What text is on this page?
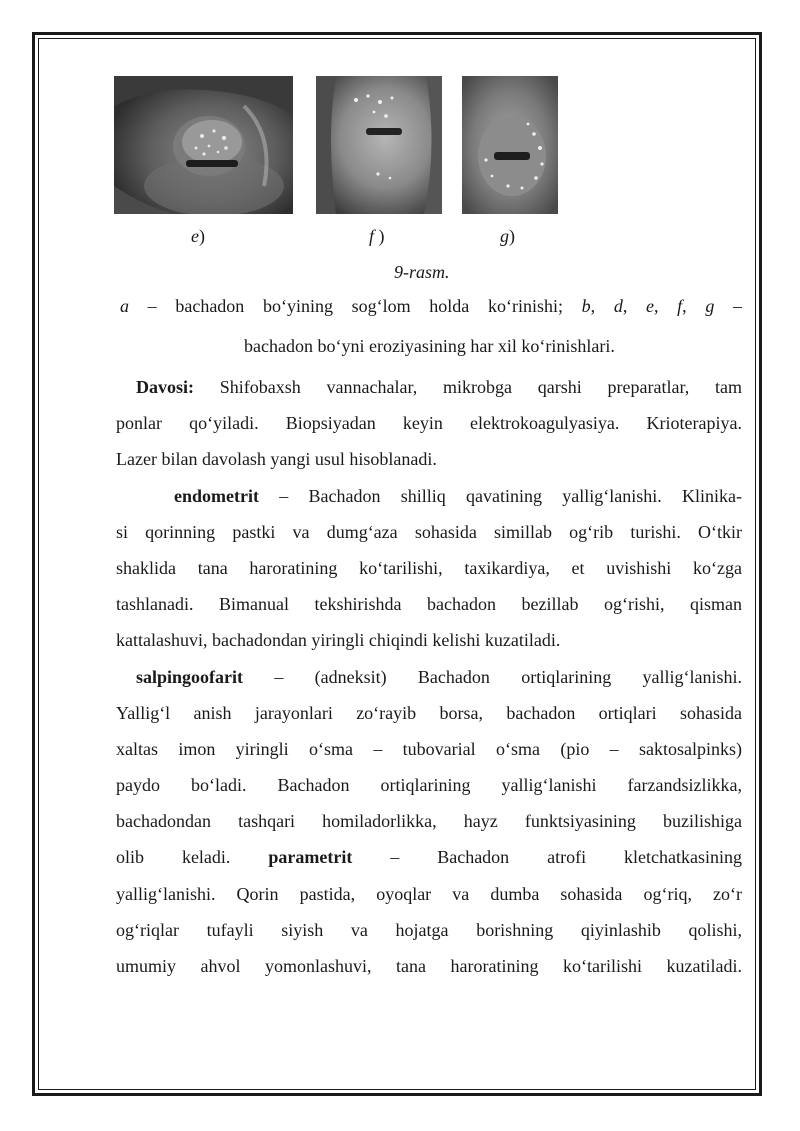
e)	f )	g)
9-rasm.
a – bachadon bo‘yining sog‘lom holda ko‘rinishi; b, d, e, f, g –
bachadon bo‘yni eroziyasining har xil ko‘rinishlari.
Davosi: Shifobaxsh vannachalar, mikrobga qarshi preparatlar, tam
ponlar qo‘yiladi. Biopsiyadan keyin elektrokoagulyasiya. Krioterapiya.
Lazer bilan davolash yangi usul hisoblanadi.
endometrit – Bachadon shilliq qavatining yallig‘lanishi. Klinika-
si qorinning pastki va dumg‘aza sohasida simillab og‘rib turishi. O‘tkir
shaklida tana haroratining ko‘tarilishi, taxikardiya, et uvishishi ko‘zga
tashlanadi. Bimanual tekshirishda bachadon bezillab og‘rishi, qisman
kattalashuvi, bachadondan yiringli chiqindi kelishi kuzatiladi.
salpingoofarit – (adneksit) Bachadon ortiqlarining yallig‘lanishi.
Yallig‘l anish jarayonlari zo‘rayib borsa, bachadon ortiqlari sohasida
xaltas imon yiringli o‘sma – tubovarial o‘sma (pio – saktosalpinks)
paydo bo‘ladi. Bachadon ortiqlarining yallig‘lanishi farzandsizlikka,
bachadondan tashqari homiladorlikka, hayz funktsiyasining buzilishiga
olib keladi. parametrit – Bachadon atrofi kletchatkasining
yallig‘lanishi. Qorin pastida, oyoqlar va dumba sohasida og‘riq, zo‘r
og‘riqlar tufayli siyish va hojatga borishning qiyinlashib qolishi,
umumiy ahvol yomonlashuvi, tana haroratining ko‘tarilishi kuzatiladi.
